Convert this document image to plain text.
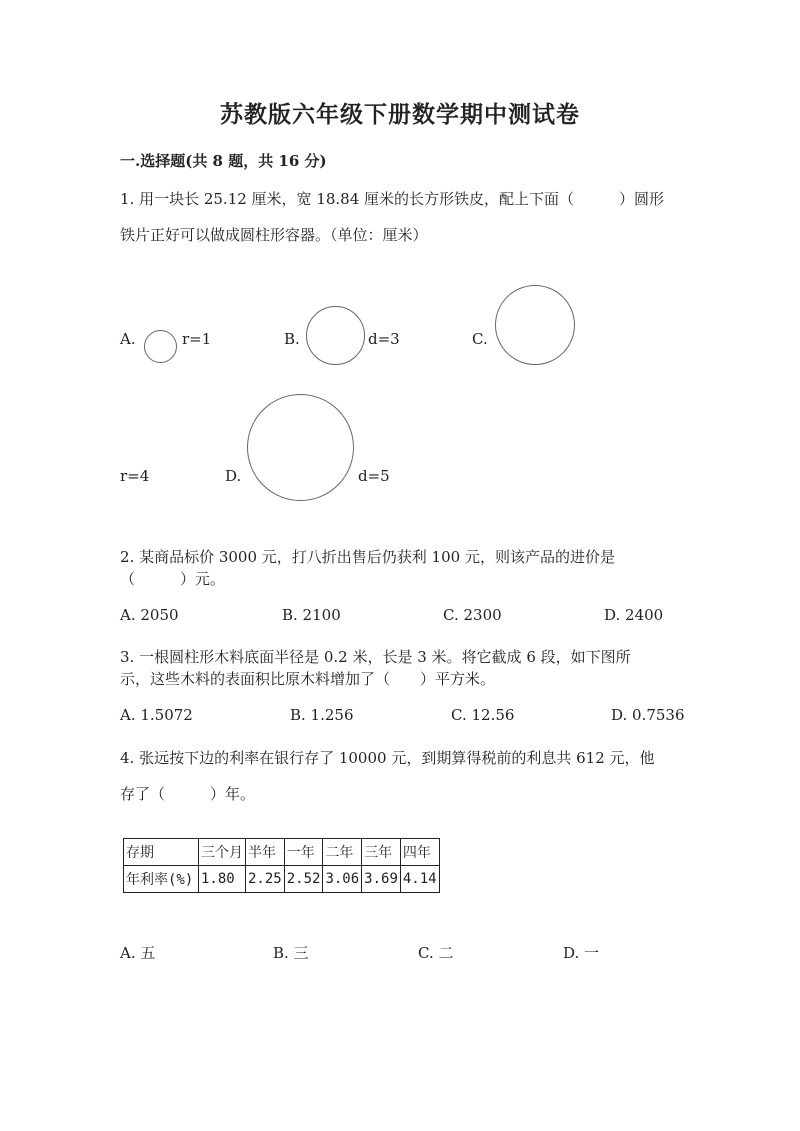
苏教版六年级下册数学期中测试卷
一.选择题(共 8 题，共 16 分)
1. 用一块长 25.12 厘米，宽 18.84 厘米的长方形铁皮，配上下面（　　　）圆形
铁片正好可以做成圆柱形容器。（单位：厘米）
A.	r=1	B.	d=3	C.
r=4	D.	d=5
2. 某商品标价 3000 元，打八折出售后仍获利 100 元，则该产品的进价是
（　　　）元。
A. 2050	B. 2100	C. 2300	D. 2400
3. 一根圆柱形木料底面半径是 0.2 米，长是 3 米。将它截成 6 段，如下图所
示，这些木料的表面积比原木料增加了（　　）平方米。
A. 1.5072	B. 1.256	C. 12.56	D. 0.7536
4. 张远按下边的利率在银行存了 10000 元，到期算得税前的利息共 612 元，他
存了（　　　）年。
存期	三个月	半年	一年	二年	三年	四年
年利率(%)	1.80	2.25	2.52	3.06	3.69	4.14
A. 五	B. 三	C. 二	D. 一
